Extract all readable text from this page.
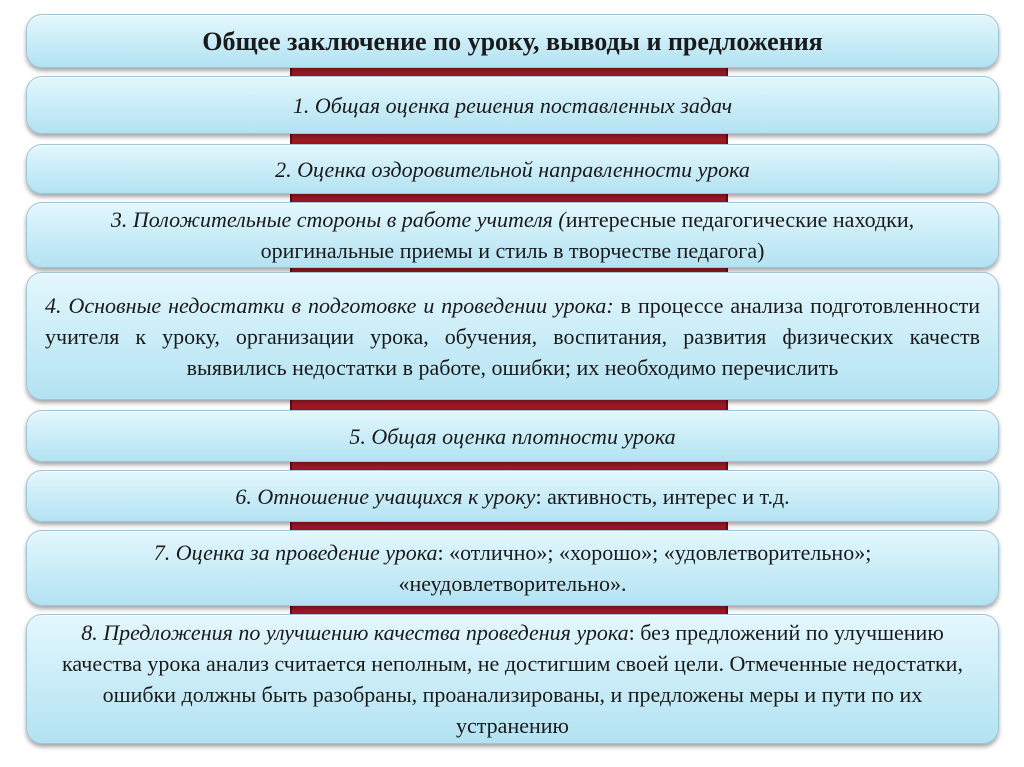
Общее заключение по уроку, выводы и предложения
1. Общая оценка решения поставленных задач
2. Оценка оздоровительной направленности урока
3. Положительные стороны в работе учителя (интересные педагогические находки, оригинальные приемы и стиль в творчестве педагога)
4. Основные недостатки в подготовке и проведении урока: в процессе анализа подготовленности учителя к уроку, организации урока, обучения, воспитания, развития физических качеств выявились недостатки в работе, ошибки; их необходимо перечислить
5. Общая оценка плотности урока
6. Отношение учащихся к уроку: активность, интерес и т.д.
7. Оценка за проведение урока: «отлично»; «хорошо»; «удовлетворительно»; «неудовлетворительно».
8. Предложения по улучшению качества проведения урока: без предложений по улучшению качества урока анализ считается неполным, не достигшим своей цели. Отмеченные недостатки, ошибки должны быть разобраны, проанализированы, и предложены меры и пути по их устранению
